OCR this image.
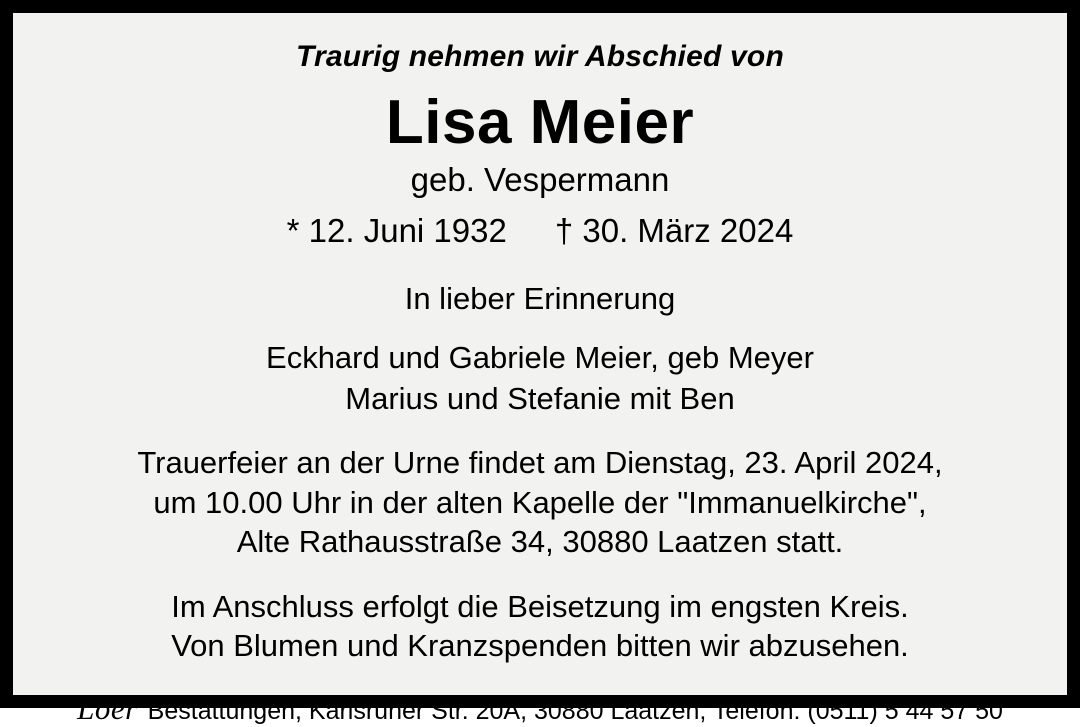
Traurig nehmen wir Abschied von
Lisa Meier
geb. Vespermann
* 12. Juni 1932 † 30. März 2024
In lieber Erinnerung
Eckhard und Gabriele Meier, geb Meyer
Marius und Stefanie mit Ben
Trauerfeier an der Urne findet am Dienstag, 23. April 2024,
um 10.00 Uhr in der alten Kapelle der "Immanuelkirche",
Alte Rathausstraße 34, 30880 Laatzen statt.
Im Anschluss erfolgt die Beisetzung im engsten Kreis.
Von Blumen und Kranzspenden bitten wir abzusehen.
Löer Bestattungen, Karlsruher Str. 20A, 30880 Laatzen, Telefon: (0511) 5 44 57 50
